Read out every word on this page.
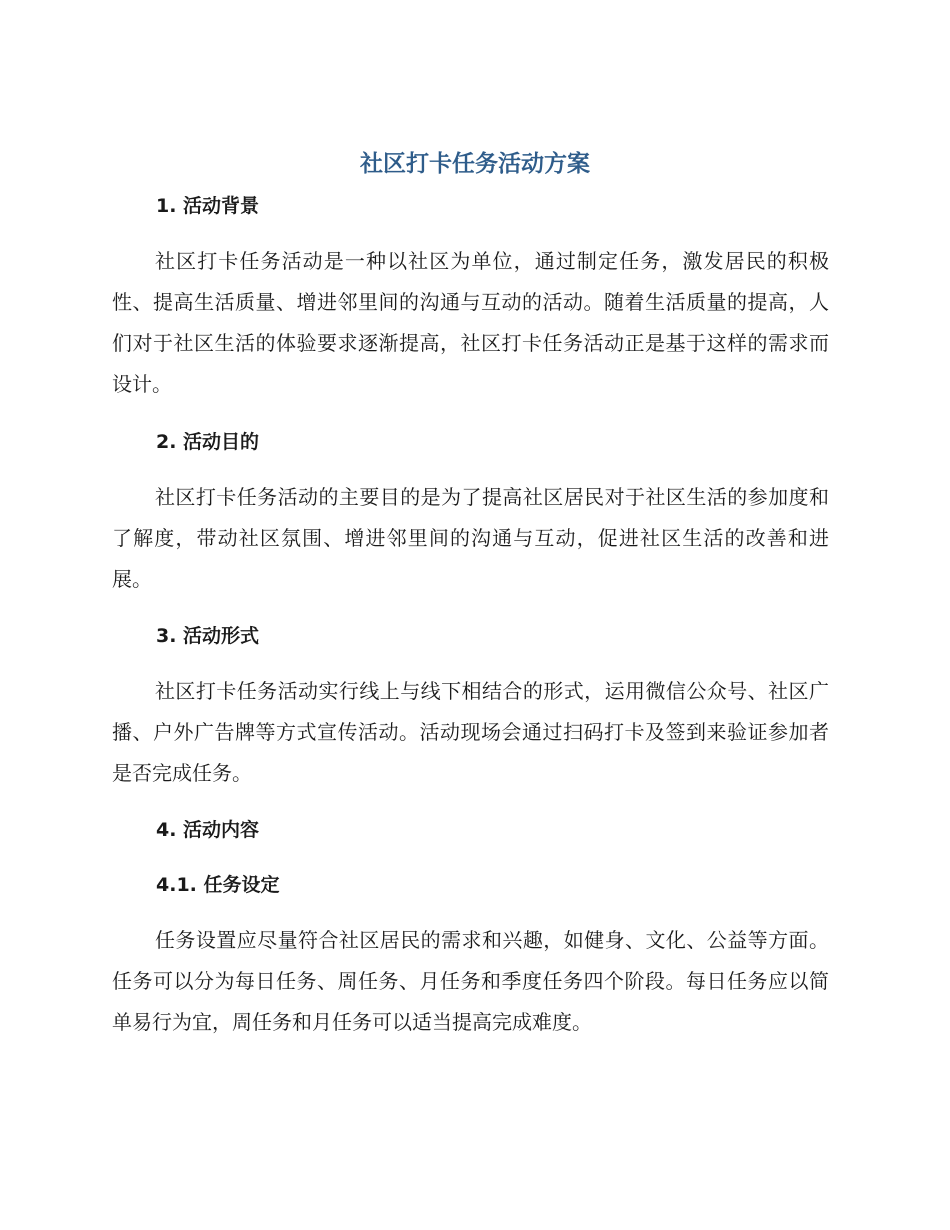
社区打卡任务活动方案
1. 活动背景
社区打卡任务活动是一种以社区为单位，通过制定任务，激发居民的积极性、提高生活质量、增进邻里间的沟通与互动的活动。随着生活质量的提高，人们对于社区生活的体验要求逐渐提高，社区打卡任务活动正是基于这样的需求而设计。
2. 活动目的
社区打卡任务活动的主要目的是为了提高社区居民对于社区生活的参加度和了解度，带动社区氛围、增进邻里间的沟通与互动，促进社区生活的改善和进展。
3. 活动形式
社区打卡任务活动实行线上与线下相结合的形式，运用微信公众号、社区广播、户外广告牌等方式宣传活动。活动现场会通过扫码打卡及签到来验证参加者是否完成任务。
4. 活动内容
4.1. 任务设定
任务设置应尽量符合社区居民的需求和兴趣，如健身、文化、公益等方面。任务可以分为每日任务、周任务、月任务和季度任务四个阶段。每日任务应以简单易行为宜，周任务和月任务可以适当提高完成难度。
